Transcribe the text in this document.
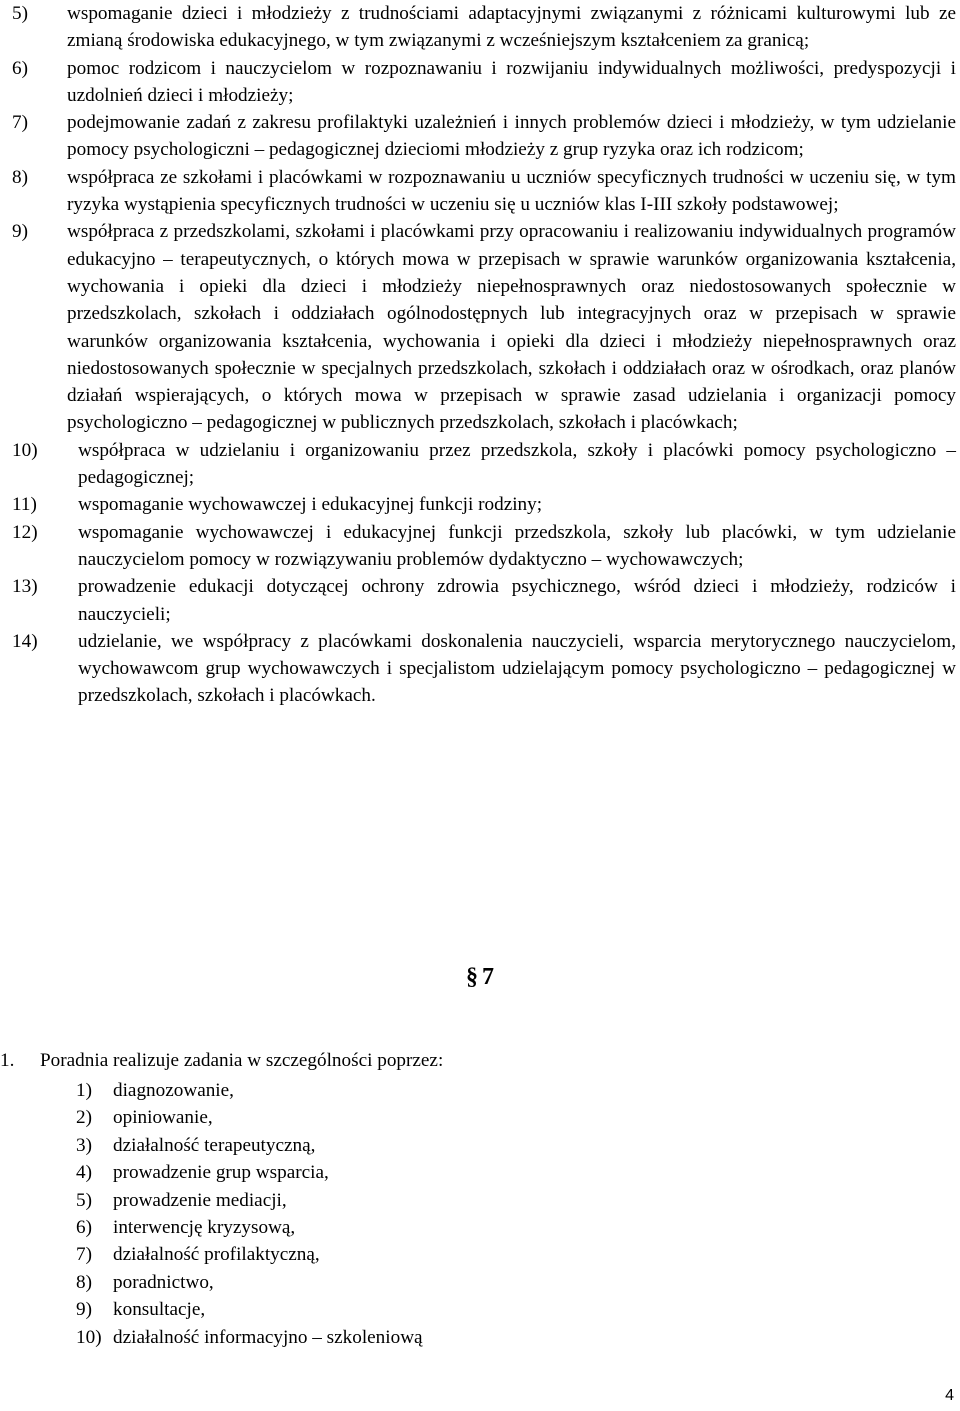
5)	wspomaganie dzieci i młodzieży z trudnościami adaptacyjnymi związanymi z różnicami kulturowymi lub ze zmianą środowiska edukacyjnego, w tym związanymi z wcześniejszym kształceniem za granicą;
6)	pomoc rodzicom i nauczycielom w rozpoznawaniu i rozwijaniu indywidualnych możliwości, predyspozycji i uzdolnień dzieci i młodzieży;
7)	podejmowanie zadań z zakresu profilaktyki uzależnień i innych problemów dzieci i młodzieży, w tym udzielanie pomocy psychologiczni – pedagogicznej dzieciomi młodzieży z grup ryzyka oraz ich rodzicom;
8)	współpraca ze szkołami i placówkami w rozpoznawaniu u uczniów specyficznych trudności w uczeniu się, w tym ryzyka wystąpienia specyficznych trudności w uczeniu się u uczniów klas I-III szkoły podstawowej;
9)	współpraca z przedszkolami, szkołami i placówkami przy opracowaniu i realizowaniu indywidualnych programów edukacyjno – terapeutycznych, o których mowa w przepisach w sprawie warunków organizowania kształcenia, wychowania i opieki dla dzieci i młodzieży niepełnosprawnych oraz niedostosowanych społecznie w przedszkolach, szkołach i oddziałach ogólnodostępnych lub integracyjnych oraz w przepisach w sprawie warunków organizowania kształcenia, wychowania i opieki dla dzieci i młodzieży niepełnosprawnych oraz niedostosowanych społecznie w specjalnych przedszkolach, szkołach i oddziałach oraz w ośrodkach, oraz planów działań wspierających, o których mowa w przepisach w sprawie zasad udzielania i organizacji pomocy psychologiczno – pedagogicznej w publicznych przedszkolach, szkołach i placówkach;
10)	współpraca w udzielaniu i organizowaniu przez przedszkola, szkoły i placówki pomocy psychologiczno – pedagogicznej;
11)	wspomaganie wychowawczej i edukacyjnej funkcji rodziny;
12)	wspomaganie wychowawczej i edukacyjnej funkcji przedszkola, szkoły lub placówki, w tym udzielanie nauczycielom pomocy w rozwiązywaniu problemów dydaktyczno – wychowawczych;
13)	prowadzenie edukacji dotyczącej ochrony zdrowia psychicznego, wśród dzieci i młodzieży, rodziców i nauczycieli;
14)	udzielanie, we współpracy z placówkami doskonalenia nauczycieli, wsparcia merytorycznego nauczycielom, wychowawcom grup wychowawczych i specjalistom udzielającym pomocy psychologiczno – pedagogicznej w przedszkolach, szkołach i placówkach.
§ 7
1.	Poradnia realizuje zadania w szczególności poprzez:
1)	diagnozowanie,
2)	opiniowanie,
3)	działalność terapeutyczną,
4)	prowadzenie grup wsparcia,
5)	prowadzenie mediacji,
6)	interwencję kryzysową,
7)	działalność profilaktyczną,
8)	poradnictwo,
9)	konsultacje,
10) działalność informacyjno – szkoleniową
4
